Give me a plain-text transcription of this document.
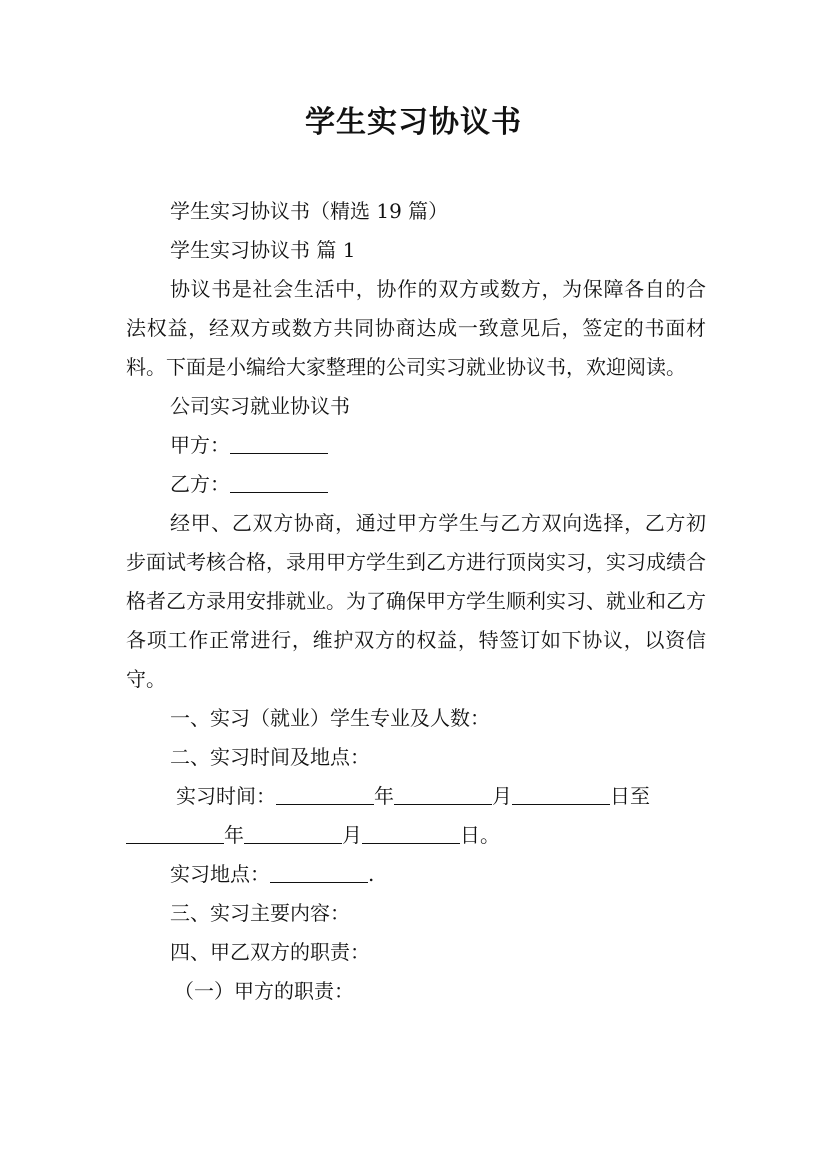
学生实习协议书

学生实习协议书（精选 19 篇）

学生实习协议书 篇 1

协议书是社会生活中，协作的双方或数方，为保障各自的合法权益，经双方或数方共同协商达成一致意见后，签定的书面材料。下面是小编给大家整理的公司实习就业协议书，欢迎阅读。

公司实习就业协议书

甲方：

乙方：

经甲、乙双方协商，通过甲方学生与乙方双向选择，乙方初步面试考核合格，录用甲方学生到乙方进行顶岗实习，实习成绩合格者乙方录用安排就业。为了确保甲方学生顺利实习、就业和乙方各项工作正常进行，维护双方的权益，特签订如下协议，以资信守。

一、实习（就业）学生专业及人数：

二、实习时间及地点：

实习时间：	年	月	日至

年	月	日。

实习地点：	.

三、实习主要内容：

四、甲乙双方的职责：

（一）甲方的职责：
